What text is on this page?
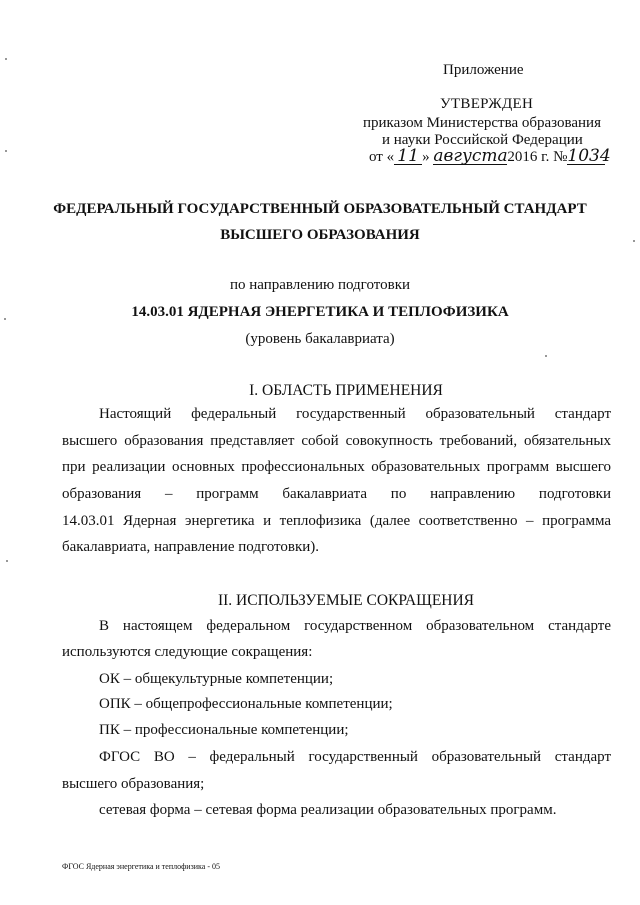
Приложение
УТВЕРЖДЕН
приказом Министерства образования
и науки Российской Федерации
от « 11 » августа2016 г. №1034
ФЕДЕРАЛЬНЫЙ ГОСУДАРСТВЕННЫЙ ОБРАЗОВАТЕЛЬНЫЙ СТАНДАРТ
ВЫСШЕГО ОБРАЗОВАНИЯ
по направлению подготовки
14.03.01 ЯДЕРНАЯ ЭНЕРГЕТИКА И ТЕПЛОФИЗИКА
(уровень бакалавриата)
I. ОБЛАСТЬ ПРИМЕНЕНИЯ
Настоящий федеральный государственный образовательный стандарт
высшего образования представляет собой совокупность требований, обязательных
при реализации основных профессиональных образовательных программ высшего
образования – программ бакалавриата по направлению подготовки
14.03.01 Ядерная энергетика и теплофизика (далее соответственно – программа
бакалавриата, направление подготовки).
II. ИСПОЛЬЗУЕМЫЕ СОКРАЩЕНИЯ
В настоящем федеральном государственном образовательном стандарте
используются следующие сокращения:
ОК – общекультурные компетенции;
ОПК – общепрофессиональные компетенции;
ПК – профессиональные компетенции;
ФГОС ВО – федеральный государственный образовательный стандарт
высшего образования;
сетевая форма – сетевая форма реализации образовательных программ.
ФГОС Ядерная энергетика и теплофизика - 05
